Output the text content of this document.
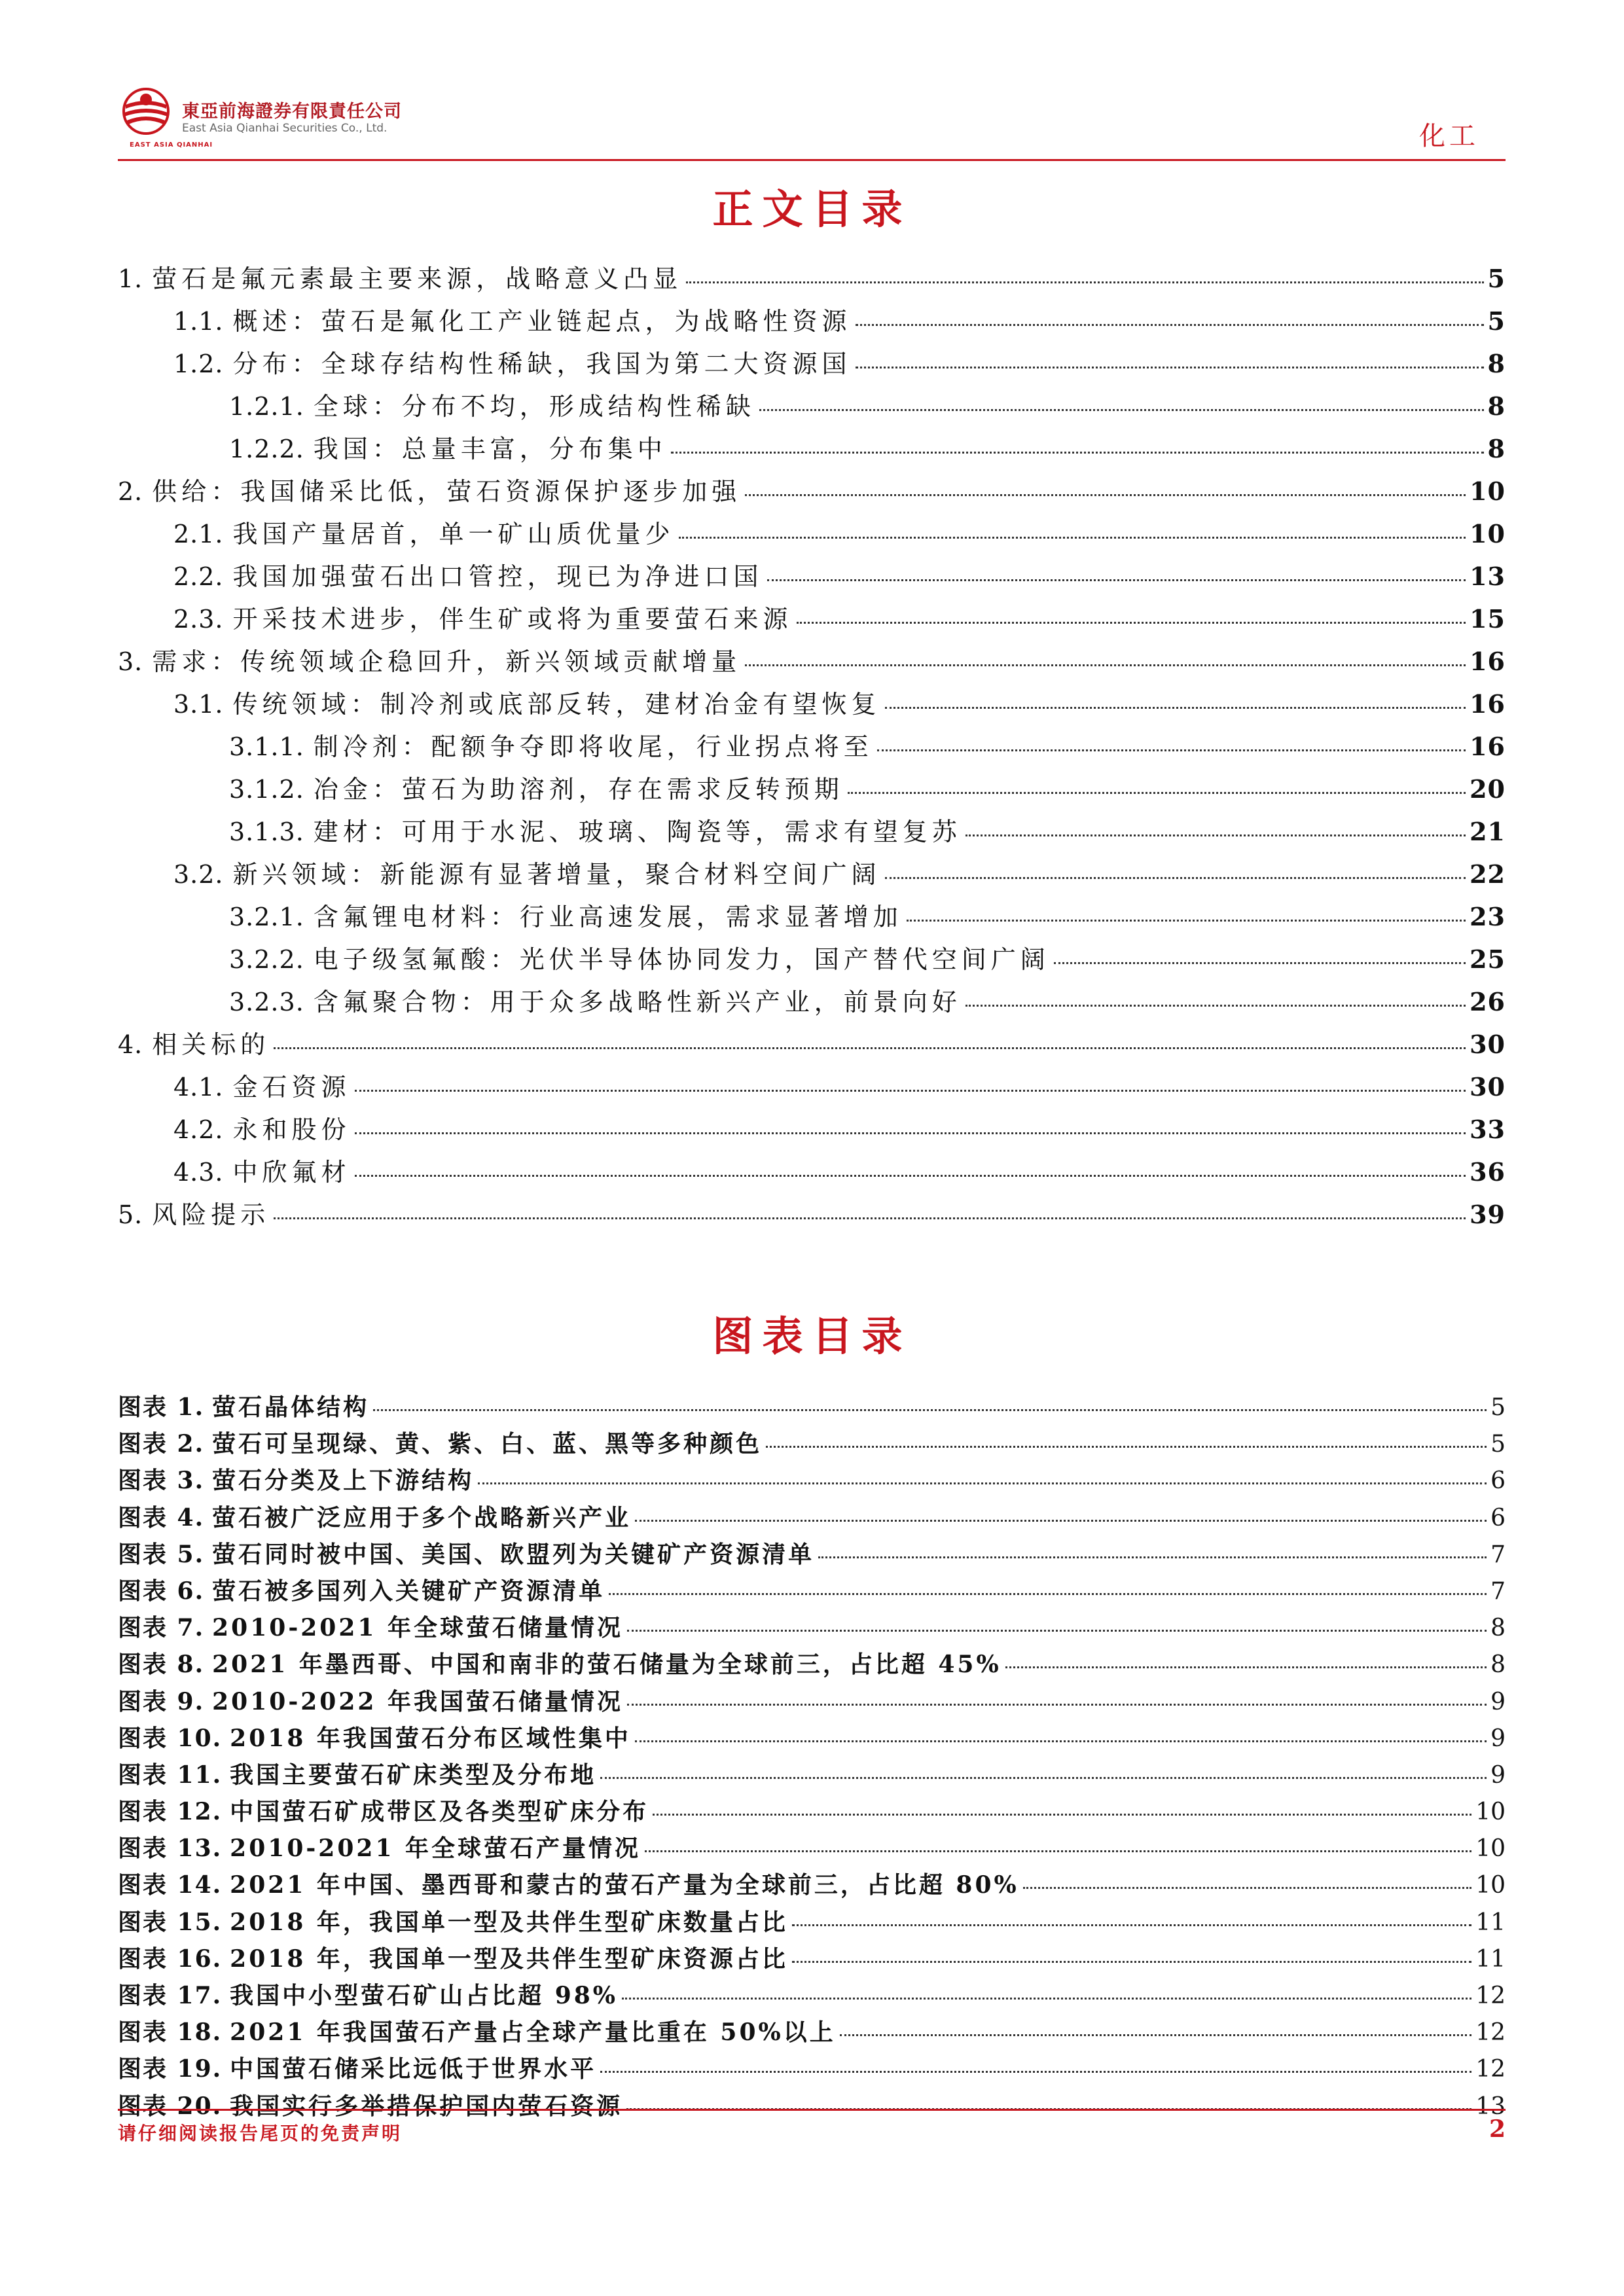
EAST ASIA QIANHAI
東亞前海證券有限責任公司
East Asia Qianhai Securities Co., Ltd.	化工
正文目录
1. 萤石是氟元素最主要来源，战略意义凸显	5
1.1. 概述：萤石是氟化工产业链起点，为战略性资源	5
1.2. 分布：全球存结构性稀缺，我国为第二大资源国	8
1.2.1. 全球：分布不均，形成结构性稀缺	8
1.2.2. 我国：总量丰富，分布集中	8
2. 供给：我国储采比低，萤石资源保护逐步加强	10
2.1. 我国产量居首，单一矿山质优量少	10
2.2. 我国加强萤石出口管控，现已为净进口国	13
2.3. 开采技术进步，伴生矿或将为重要萤石来源	15
3. 需求：传统领域企稳回升，新兴领域贡献增量	16
3.1. 传统领域：制冷剂或底部反转，建材冶金有望恢复	16
3.1.1. 制冷剂：配额争夺即将收尾，行业拐点将至	16
3.1.2. 冶金：萤石为助溶剂，存在需求反转预期	20
3.1.3. 建材：可用于水泥、玻璃、陶瓷等，需求有望复苏	21
3.2. 新兴领域：新能源有显著增量，聚合材料空间广阔	22
3.2.1. 含氟锂电材料：行业高速发展，需求显著增加	23
3.2.2. 电子级氢氟酸：光伏半导体协同发力，国产替代空间广阔	25
3.2.3. 含氟聚合物：用于众多战略性新兴产业，前景向好	26
4. 相关标的	30
4.1. 金石资源	30
4.2. 永和股份	33
4.3. 中欣氟材	36
5. 风险提示	39
图表目录
图表 1. 萤石晶体结构	5
图表 2. 萤石可呈现绿、黄、紫、白、蓝、黑等多种颜色	5
图表 3. 萤石分类及上下游结构	6
图表 4. 萤石被广泛应用于多个战略新兴产业	6
图表 5. 萤石同时被中国、美国、欧盟列为关键矿产资源清单	7
图表 6. 萤石被多国列入关键矿产资源清单	7
图表 7. 2010-2021 年全球萤石储量情况	8
图表 8. 2021 年墨西哥、中国和南非的萤石储量为全球前三，占比超 45%	8
图表 9. 2010-2022 年我国萤石储量情况	9
图表 10. 2018 年我国萤石分布区域性集中	9
图表 11. 我国主要萤石矿床类型及分布地	9
图表 12. 中国萤石矿成带区及各类型矿床分布	10
图表 13. 2010-2021 年全球萤石产量情况	10
图表 14. 2021 年中国、墨西哥和蒙古的萤石产量为全球前三，占比超 80%	10
图表 15. 2018 年，我国单一型及共伴生型矿床数量占比	11
图表 16. 2018 年，我国单一型及共伴生型矿床资源占比	11
图表 17. 我国中小型萤石矿山占比超 98%	12
图表 18. 2021 年我国萤石产量占全球产量比重在 50%以上	12
图表 19. 中国萤石储采比远低于世界水平	12
图表 20. 我国实行多举措保护国内萤石资源	13
请仔细阅读报告尾页的免责声明	2
